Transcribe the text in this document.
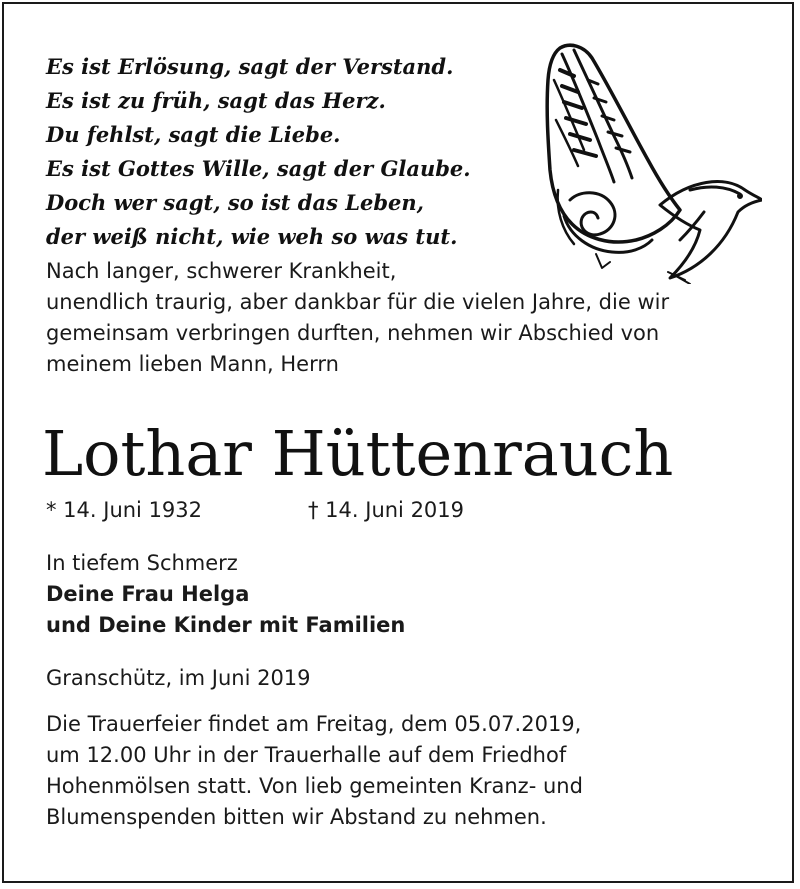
Es ist Erlösung, sagt der Verstand.
Es ist zu früh, sagt das Herz.
Du fehlst, sagt die Liebe.
Es ist Gottes Wille, sagt der Glaube.
Doch wer sagt, so ist das Leben,
der weiß nicht, wie weh so was tut.

Nach langer, schwerer Krankheit,
unendlich traurig, aber dankbar für die vielen Jahre, die wir
gemeinsam verbringen durften, nehmen wir Abschied von
meinem lieben Mann, Herrn

Lothar Hüttenrauch
* 14. Juni 1932	† 14. Juni 2019

In tiefem Schmerz
Deine Frau Helga
und Deine Kinder mit Familien

Granschütz, im Juni 2019

Die Trauerfeier findet am Freitag, dem 05.07.2019,
um 12.00 Uhr in der Trauerhalle auf dem Friedhof
Hohenmölsen statt. Von lieb gemeinten Kranz- und
Blumenspenden bitten wir Abstand zu nehmen.
